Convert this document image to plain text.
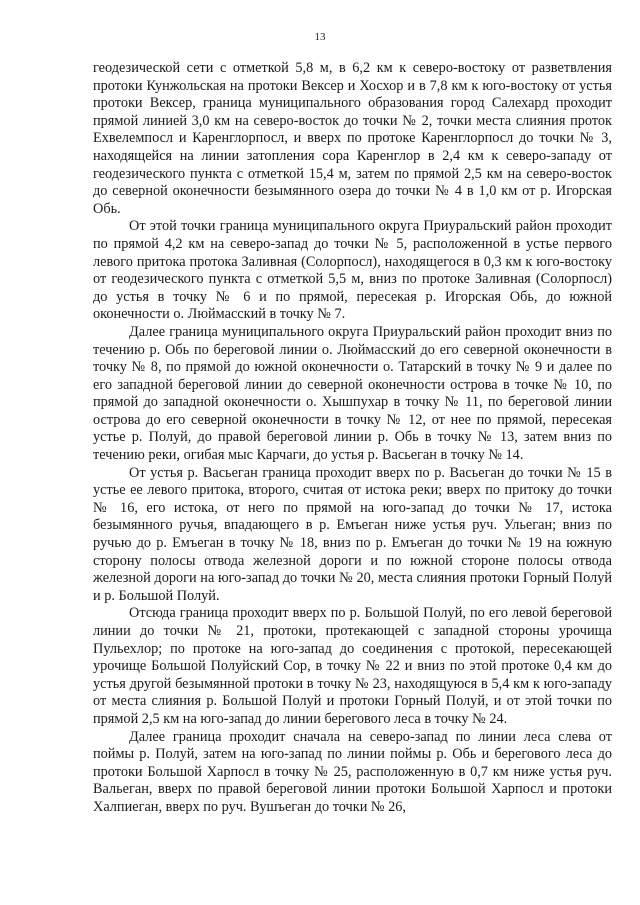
13

геодезической сети с отметкой 5,8 м, в 6,2 км к северо-востоку от разветвления протоки Кунжольская на протоки Вексер и Хосхор и в 7,8 км к юго-востоку от устья протоки Вексер, граница муниципального образования город Салехард проходит прямой линией 3,0 км на северо-восток до точки № 2, точки места слияния проток Ехвелемпосл и Каренглорпосл, и вверх по протоке Каренглорпосл до точки № 3, находящейся на линии затопления сора Каренглор в 2,4 км к северо-западу от геодезического пункта с отметкой 15,4 м, затем по прямой 2,5 км на северо-восток до северной оконечности безымянного озера до точки № 4 в 1,0 км от р. Игорская Обь.

От этой точки граница муниципального округа Приуральский район проходит по прямой 4,2 км на северо-запад до точки № 5, расположенной в устье первого левого притока протока Заливная (Солорпосл), находящегося в 0,3 км к юго-востоку от геодезического пункта с отметкой 5,5 м, вниз по протоке Заливная (Солорпосл) до устья в точку № 6 и по прямой, пересекая р. Игорская Обь, до южной оконечности о. Люймасский в точку № 7.

Далее граница муниципального округа Приуральский район проходит вниз по течению р. Обь по береговой линии о. Люймасский до его северной оконечности в точку № 8, по прямой до южной оконечности о. Татарский в точку № 9 и далее по его западной береговой линии до северной оконечности острова в точке № 10, по прямой до западной оконечности о. Хышпухар в точку № 11, по береговой линии острова до его северной оконечности в точку № 12, от нее по прямой, пересекая устье р. Полуй, до правой береговой линии р. Обь в точку № 13, затем вниз по течению реки, огибая мыс Карчаги, до устья р. Васьеган в точку № 14.

От устья р. Васьеган граница проходит вверх по р. Васьеган до точки № 15 в устье ее левого притока, второго, считая от истока реки; вверх по притоку до точки № 16, его истока, от него по прямой на юго-запад до точки № 17, истока безымянного ручья, впадающего в р. Емъеган ниже устья руч. Ульеган; вниз по ручью до р. Емъеган в точку № 18, вниз по р. Емъеган до точки № 19 на южную сторону полосы отвода железной дороги и по южной стороне полосы отвода железной дороги на юго-запад до точки № 20, места слияния протоки Горный Полуй и р. Большой Полуй.

Отсюда граница проходит вверх по р. Большой Полуй, по его левой береговой линии до точки № 21, протоки, протекающей с западной стороны урочища Пульехлор; по протоке на юго-запад до соединения с протокой, пересекающей урочище Большой Полуйский Сор, в точку № 22 и вниз по этой протоке 0,4 км до устья другой безымянной протоки в точку № 23, находящуюся в 5,4 км к юго-западу от места слияния р. Большой Полуй и протоки Горный Полуй, и от этой точки по прямой 2,5 км на юго-запад до линии берегового леса в точку № 24.

Далее граница проходит сначала на северо-запад по линии леса слева от поймы р. Полуй, затем на юго-запад по линии поймы р. Обь и берегового леса до протоки Большой Харпосл в точку № 25, расположенную в 0,7 км ниже устья руч. Вальеган, вверх по правой береговой линии протоки Большой Харпосл и протоки Халпиеган, вверх по руч. Вушъеган до точки № 26,
